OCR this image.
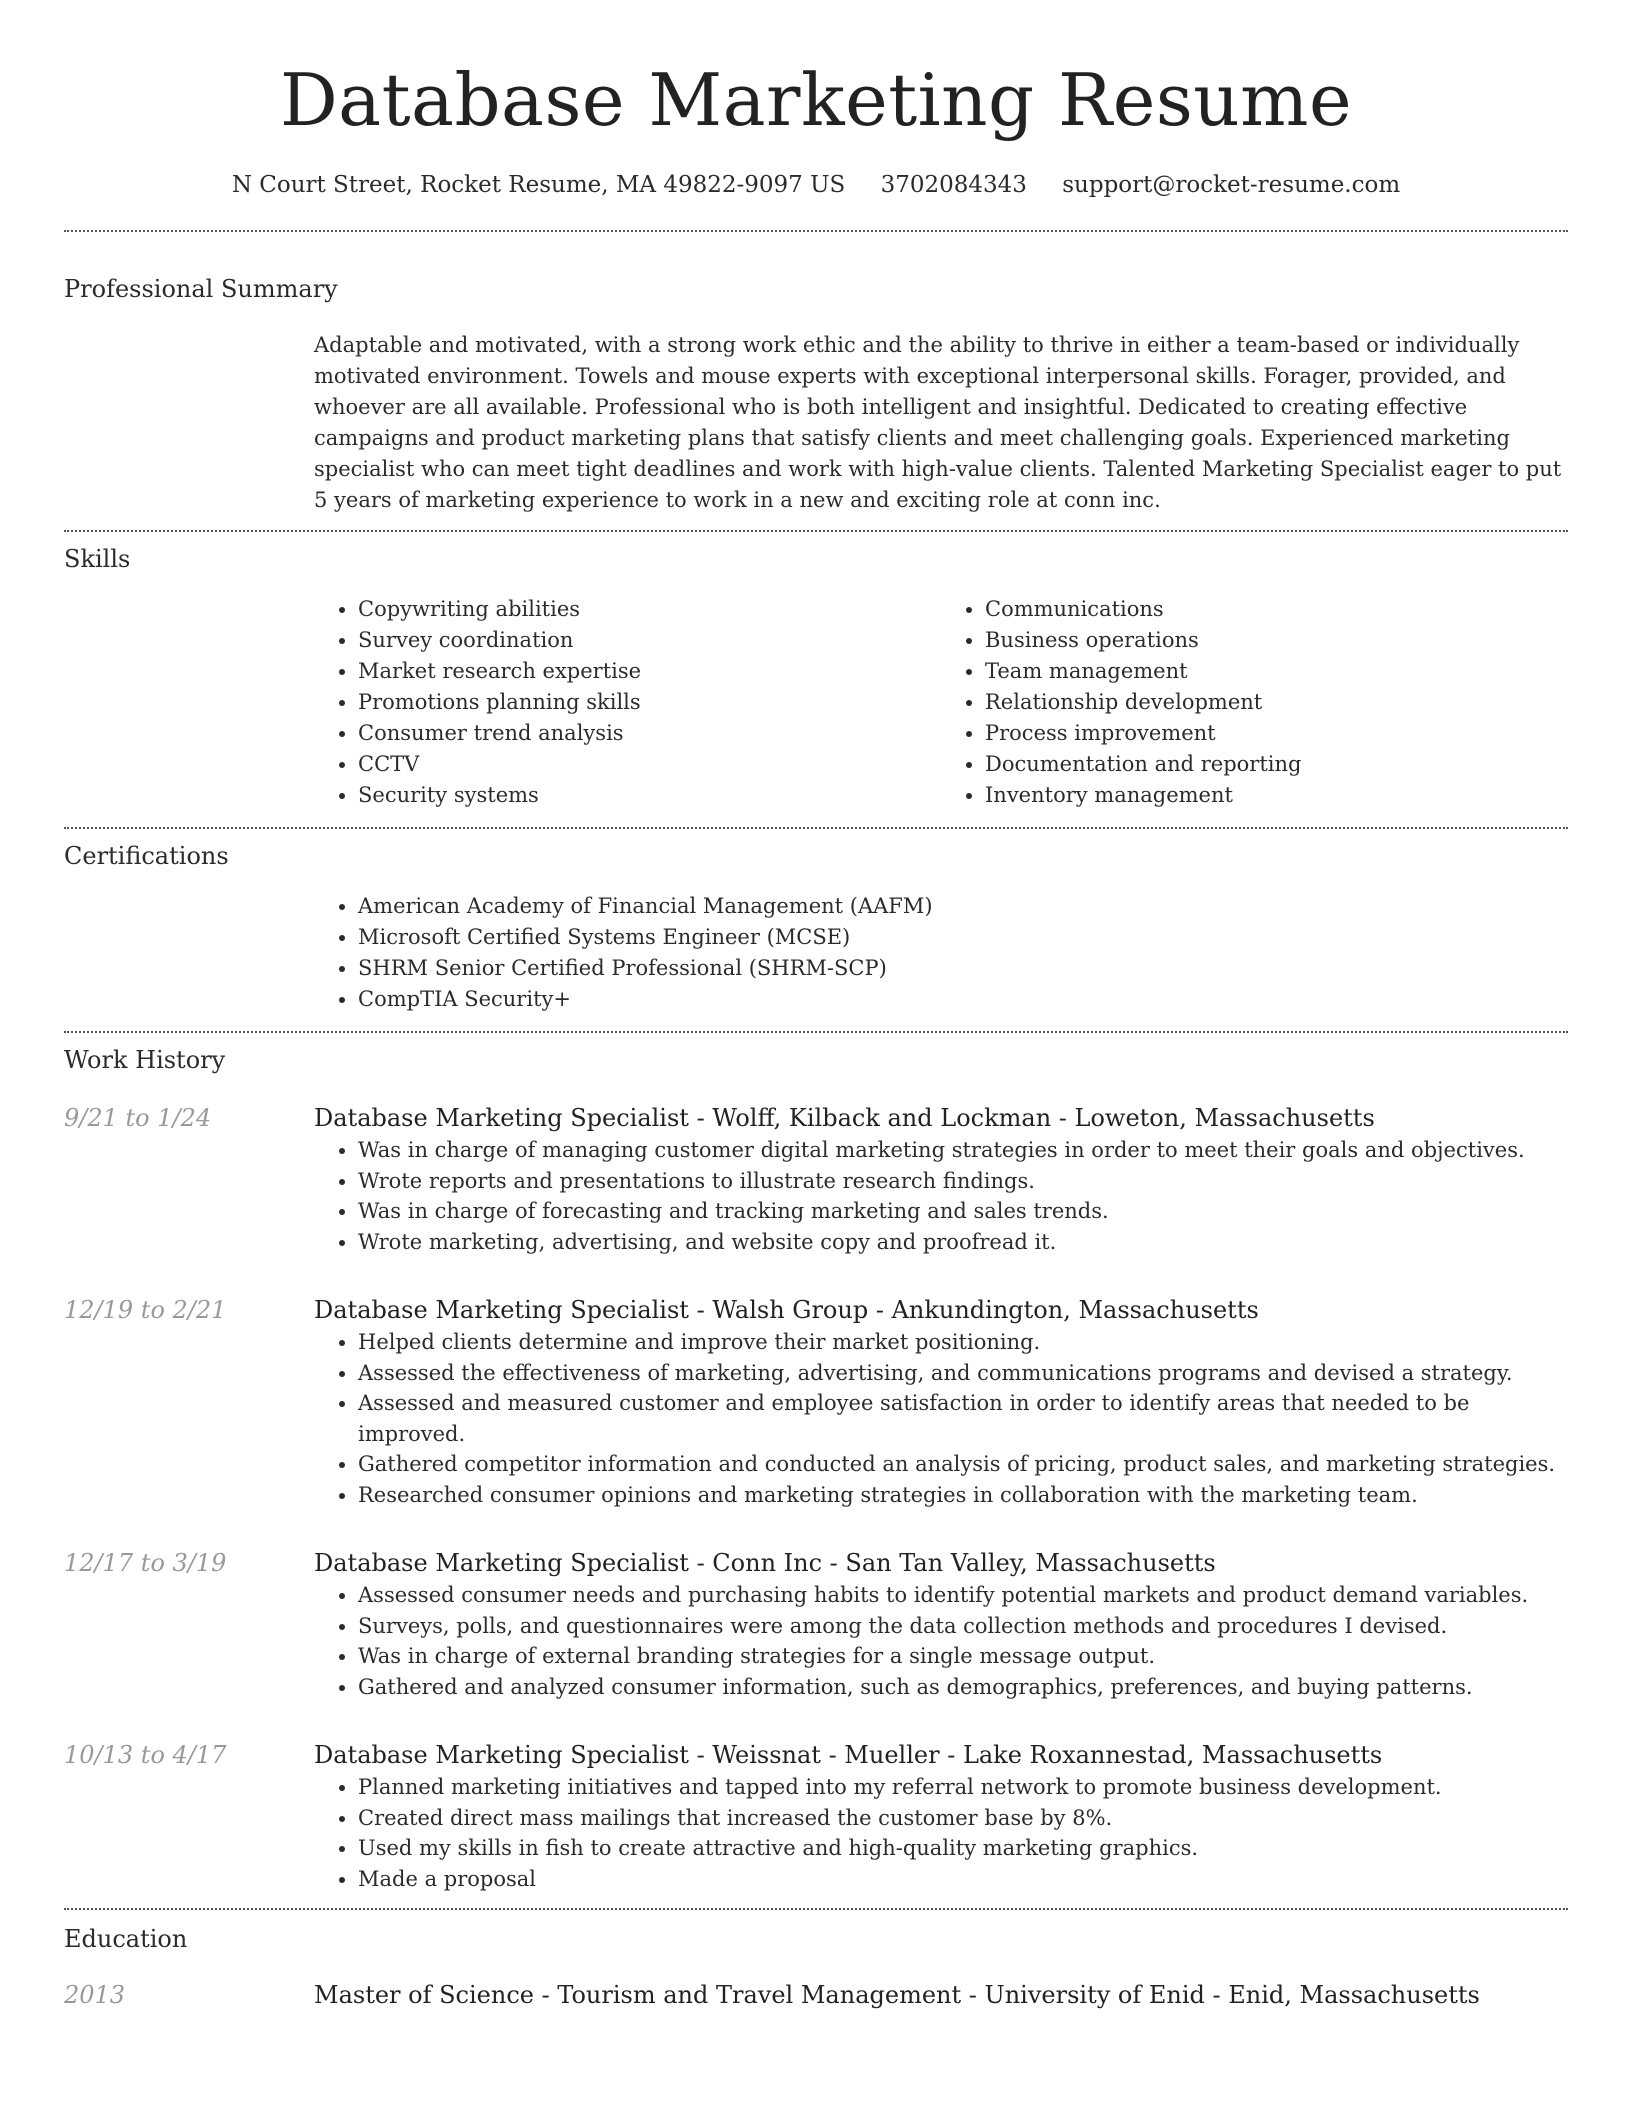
Database Marketing Resume
N Court Street, Rocket Resume, MA 49822-9097 US 3702084343 support@rocket-resume.com
Professional Summary
Adaptable and motivated, with a strong work ethic and the ability to thrive in either a team-based or individually motivated environment. Towels and mouse experts with exceptional interpersonal skills. Forager, provided, and whoever are all available. Professional who is both intelligent and insightful. Dedicated to creating effective campaigns and product marketing plans that satisfy clients and meet challenging goals. Experienced marketing specialist who can meet tight deadlines and work with high-value clients. Talented Marketing Specialist eager to put 5 years of marketing experience to work in a new and exciting role at conn inc.
Skills
• Copywriting abilities
• Survey coordination
• Market research expertise
• Promotions planning skills
• Consumer trend analysis
• CCTV
• Security systems
• Communications
• Business operations
• Team management
• Relationship development
• Process improvement
• Documentation and reporting
• Inventory management
Certifications
• American Academy of Financial Management (AAFM)
• Microsoft Certified Systems Engineer (MCSE)
• SHRM Senior Certified Professional (SHRM-SCP)
• CompTIA Security+
Work History
9/21 to 1/24	Database Marketing Specialist - Wolff, Kilback and Lockman - Loweton, Massachusetts
• Was in charge of managing customer digital marketing strategies in order to meet their goals and objectives.
• Wrote reports and presentations to illustrate research findings.
• Was in charge of forecasting and tracking marketing and sales trends.
• Wrote marketing, advertising, and website copy and proofread it.
12/19 to 2/21	Database Marketing Specialist - Walsh Group - Ankundington, Massachusetts
• Helped clients determine and improve their market positioning.
• Assessed the effectiveness of marketing, advertising, and communications programs and devised a strategy.
• Assessed and measured customer and employee satisfaction in order to identify areas that needed to be improved.
• Gathered competitor information and conducted an analysis of pricing, product sales, and marketing strategies.
• Researched consumer opinions and marketing strategies in collaboration with the marketing team.
12/17 to 3/19	Database Marketing Specialist - Conn Inc - San Tan Valley, Massachusetts
• Assessed consumer needs and purchasing habits to identify potential markets and product demand variables.
• Surveys, polls, and questionnaires were among the data collection methods and procedures I devised.
• Was in charge of external branding strategies for a single message output.
• Gathered and analyzed consumer information, such as demographics, preferences, and buying patterns.
10/13 to 4/17	Database Marketing Specialist - Weissnat - Mueller - Lake Roxannestad, Massachusetts
• Planned marketing initiatives and tapped into my referral network to promote business development.
• Created direct mass mailings that increased the customer base by 8%.
• Used my skills in fish to create attractive and high-quality marketing graphics.
• Made a proposal
Education
2013	Master of Science - Tourism and Travel Management - University of Enid - Enid, Massachusetts
